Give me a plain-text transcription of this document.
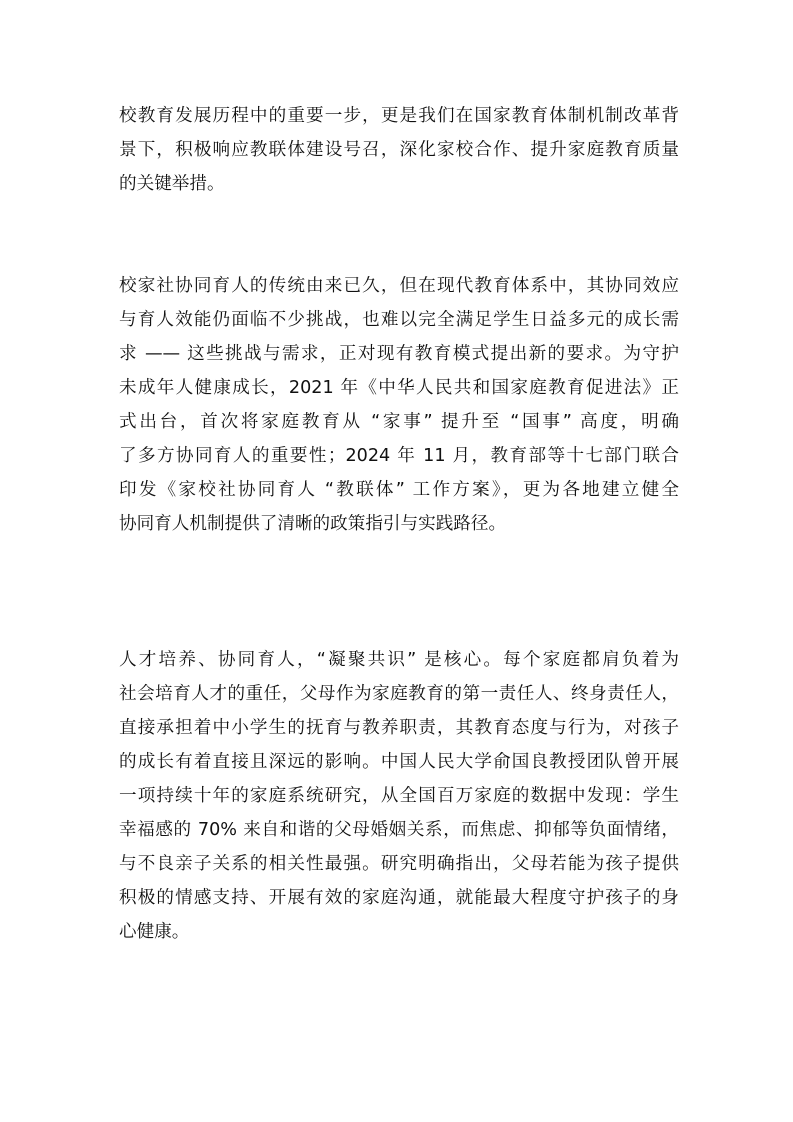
校教育发展历程中的重要一步，更是我们在国家教育体制机制改革背
景下，积极响应教联体建设号召，深化家校合作、提升家庭教育质量
的关键举措。
校家社协同育人的传统由来已久，但在现代教育体系中，其协同效应
与育人效能仍面临不少挑战，也难以完全满足学生日益多元的成长需
求 —— 这些挑战与需求，正对现有教育模式提出新的要求。为守护
未成年人健康成长，2021 年《中华人民共和国家庭教育促进法》正
式出台，首次将家庭教育从 “家事” 提升至 “国事” 高度，明确
了多方协同育人的重要性；2024 年 11 月，教育部等十七部门联合
印发《家校社协同育人 “教联体” 工作方案》，更为各地建立健全
协同育人机制提供了清晰的政策指引与实践路径。
人才培养、协同育人，“凝聚共识” 是核心。每个家庭都肩负着为
社会培育人才的重任，父母作为家庭教育的第一责任人、终身责任人，
直接承担着中小学生的抚育与教养职责，其教育态度与行为，对孩子
的成长有着直接且深远的影响。中国人民大学俞国良教授团队曾开展
一项持续十年的家庭系统研究，从全国百万家庭的数据中发现：学生
幸福感的 70% 来自和谐的父母婚姻关系，而焦虑、抑郁等负面情绪，
与不良亲子关系的相关性最强。研究明确指出，父母若能为孩子提供
积极的情感支持、开展有效的家庭沟通，就能最大程度守护孩子的身
心健康。
